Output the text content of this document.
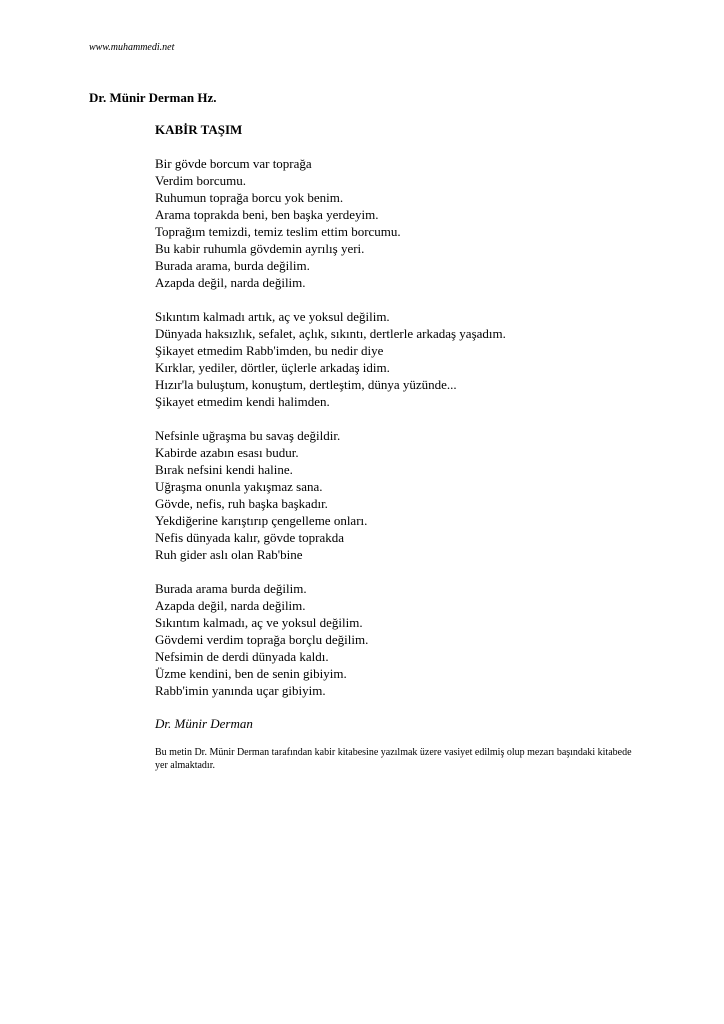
www.muhammedi.net
Dr. Münir Derman Hz.
KABİR TAŞIM
Bir gövde borcum var toprağa
Verdim borcumu.
Ruhumun toprağa borcu yok benim.
Arama toprakda beni, ben başka yerdeyim.
Toprağım temizdi, temiz teslim ettim borcumu.
Bu kabir ruhumla gövdemin ayrılış yeri.
Burada arama, burda değilim.
Azapda değil, narda değilim.
Sıkıntım kalmadı artık, aç ve yoksul değilim.
Dünyada haksızlık, sefalet, açlık, sıkıntı, dertlerle arkadaş yaşadım.
Şikayet etmedim Rabb'imden, bu nedir diye
Kırklar, yediler, dörtler, üçlerle arkadaş idim.
Hızır'la buluştum, konuştum, dertleştim, dünya yüzünde...
Şikayet etmedim kendi halimden.
Nefsinle uğraşma bu savaş değildir.
Kabirde azabın esası budur.
Bırak nefsini kendi haline.
Uğraşma onunla yakışmaz sana.
Gövde, nefis, ruh başka başkadır.
Yekdiğerine karıştırıp çengelleme onları.
Nefis dünyada kalır, gövde toprakda
Ruh gider aslı olan Rab'bine
Burada arama burda değilim.
Azapda değil, narda değilim.
Sıkıntım kalmadı, aç ve yoksul değilim.
Gövdemi verdim toprağa borçlu değilim.
Nefsimin de derdi dünyada kaldı.
Üzme kendini, ben de senin gibiyim.
Rabb'imin yanında uçar gibiyim.
Dr. Münir Derman
Bu metin Dr. Münir Derman tarafından kabir kitabesine yazılmak üzere vasiyet edilmiş olup mezarı başındaki kitabede yer almaktadır.
